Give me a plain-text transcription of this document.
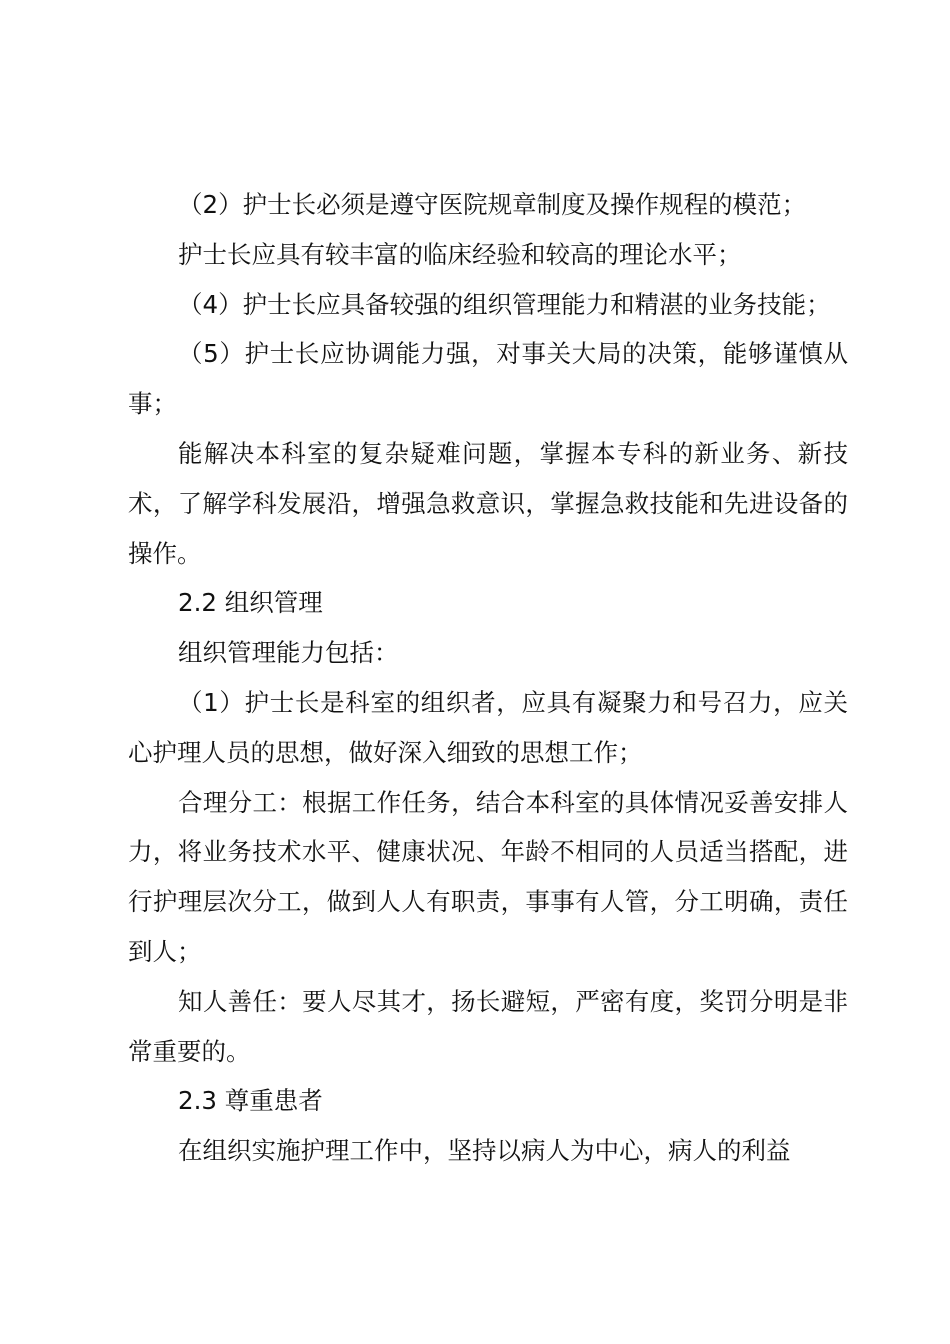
（2）护士长必须是遵守医院规章制度及操作规程的模范；

护士长应具有较丰富的临床经验和较高的理论水平；

（4）护士长应具备较强的组织管理能力和精湛的业务技能；

（5）护士长应协调能力强，对事关大局的决策，能够谨慎从事；

能解决本科室的复杂疑难问题，掌握本专科的新业务、新技术，了解学科发展沿，增强急救意识，掌握急救技能和先进设备的操作。

2.2 组织管理

组织管理能力包括：

（1）护士长是科室的组织者，应具有凝聚力和号召力，应关心护理人员的思想，做好深入细致的思想工作；

合理分工：根据工作任务，结合本科室的具体情况妥善安排人力，将业务技术水平、健康状况、年龄不相同的人员适当搭配，进行护理层次分工，做到人人有职责，事事有人管，分工明确，责任到人；

知人善任：要人尽其才，扬长避短，严密有度，奖罚分明是非常重要的。

2.3 尊重患者

在组织实施护理工作中，坚持以病人为中心，病人的利益
